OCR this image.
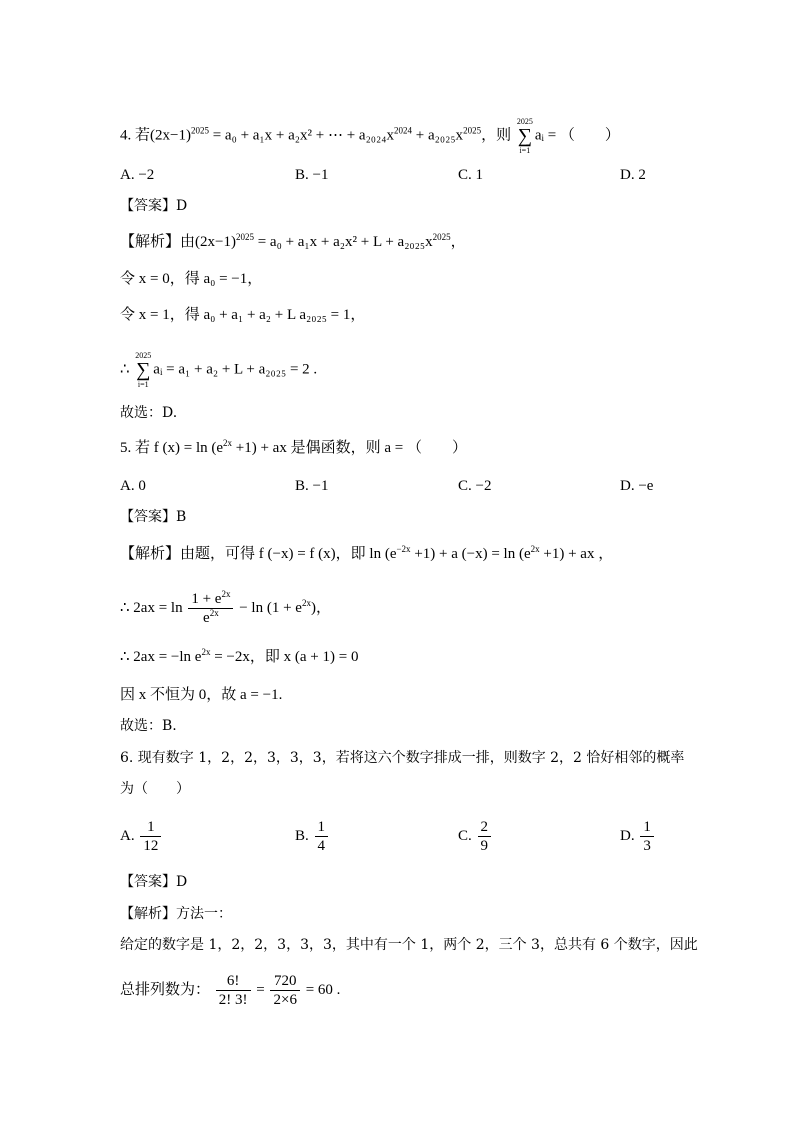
4. 若$(2x-1)^{2025} = a_0 + a_1x + a_2x^2$ + ⋯ + $a_{2024}x^{2024} + a_{2025}x^{2025}$，则
2025
∑
i=1
aᵢ = （　　）
A. −2	B. −1	C. 1	D. 2
【答案】D
【解析】由$(2x-1)^{2025} = a_0 + a_1x + a_2x^2 + L + a_{2025}x^{2025}$，
令 x = 0，得 a₀ = −1，
令 x = 1，得 a₀ + a₁ + a₂ + L a₂₀₂₅ = 1，
∴
2025
∑
i=1
aᵢ = a₁ + a₂ + L + a₂₀₂₅ = 2 .
故选：D.
5. 若 f $(x) = \ln (e^{2x} +1)$ + ax 是偶函数，则 a = （　　）
A. 0	B. −1	C. −2	D. −e
【答案】B
【解析】由题，可得 f (−x) = f (x)，即 $\ln (e^{-2x} +1) + a$ $(-x) = \ln (e^{2x} +1)$ + ax ，
∴ $2ax = \ln \frac{1 + e^{2x}}{e^{2x}} - \ln (1 + e^{2x})$，
∴ 2ax = −ln $e^{2x} = -2x$，即 x (a + 1) = 0
因 x 不恒为 0，故 a = −1.
故选：B.
6. 现有数字 1，2，2，3，3，3，若将这六个数字排成一排，则数字 2，2 恰好相邻的概率
为（　　）
A. $\frac{1}{12}$	B. $\frac{1}{4}$	C. $\frac{2}{9}$	D. $\frac{1}{3}$
【答案】D
【解析】方法一：
给定的数字是 1，2，2，3，3，3，其中有一个 1，两个 2，三个 3，总共有 6 个数字，因此
总排列数为： $\frac{6!}{2! 3!} = \frac{720}{2\times 6} = 60$ .
